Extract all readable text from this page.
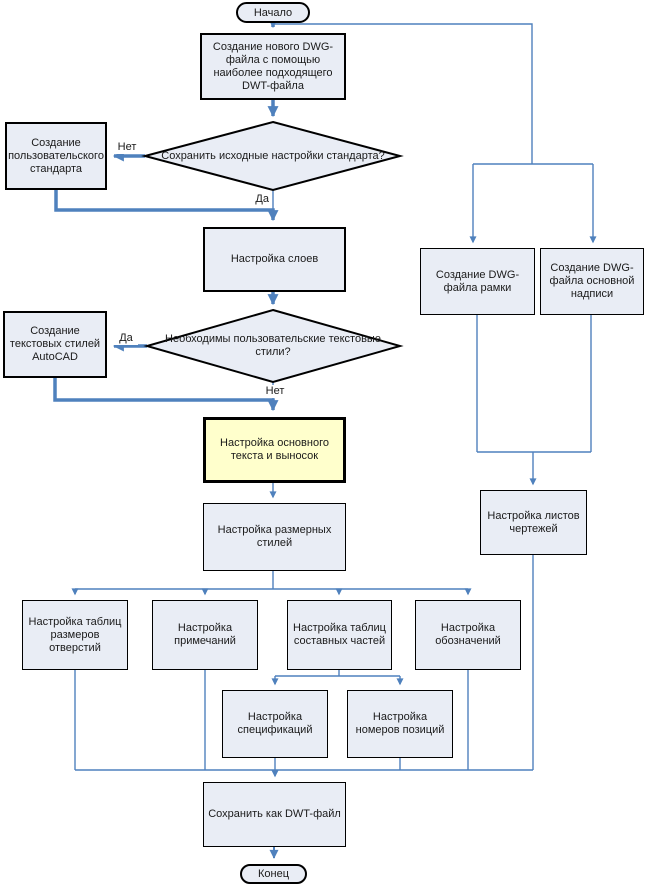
Начало
Конец
Создание нового DWG-файла с помощью наиболее подходящего DWT-файла
Создание пользовательского стандарта
Настройка слоев
Создание текстовых стилей AutoCAD
Настройка основного текста и выносок
Настройка размерных стилей
Настройка таблиц размеров отверстий
Настройка примечаний
Настройка таблиц составных частей
Настройка обозначений
Настройка спецификаций
Настройка номеров позиций
Сохранить как DWT-файл
Создание DWG-файла рамки
Создание DWG-файла основной надписи
Настройка листов чертежей
Сохранить исходные настройки стандарта?
Необходимы пользовательские текстовые стили?
Нет
Да
Да
Нет
